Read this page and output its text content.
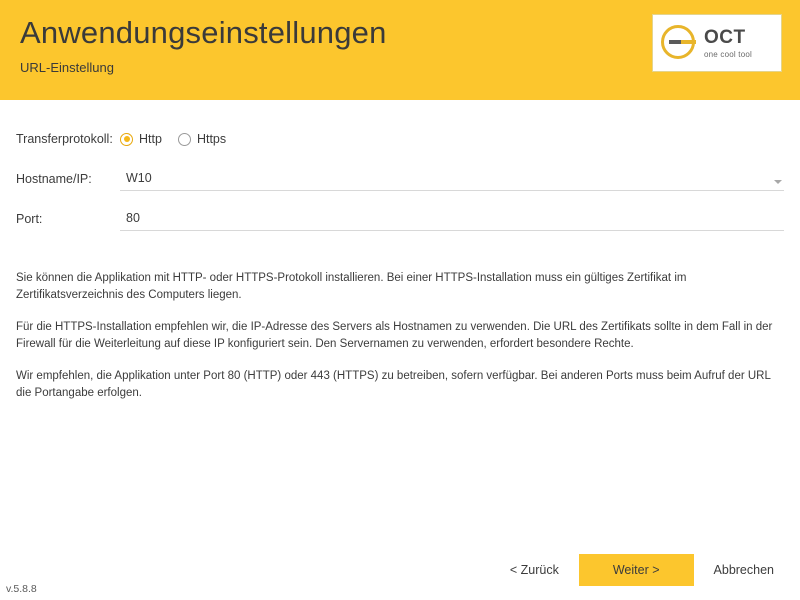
Anwendungseinstellungen
URL-Einstellung
OCT
one cool tool
Transferprotokoll:	Http	Https
Hostname/IP:
W10
Port:
80

Sie können die Applikation mit HTTP- oder HTTPS-Protokoll installieren. Bei einer HTTPS-Installation muss ein gültiges Zertifikat im Zertifikatsverzeichnis des Computers liegen.

Für die HTTPS-Installation empfehlen wir, die IP-Adresse des Servers als Hostnamen zu verwenden. Die URL des Zertifikats sollte in dem Fall in der Firewall für die Weiterleitung auf diese IP konfiguriert sein. Den Servernamen zu verwenden, erfordert besondere Rechte.

Wir empfehlen, die Applikation unter Port 80 (HTTP) oder 443 (HTTPS) zu betreiben, sofern verfügbar. Bei anderen Ports muss beim Aufruf der URL die Portangabe erfolgen.

v.5.8.8
< Zurück	Weiter >	Abbrechen
